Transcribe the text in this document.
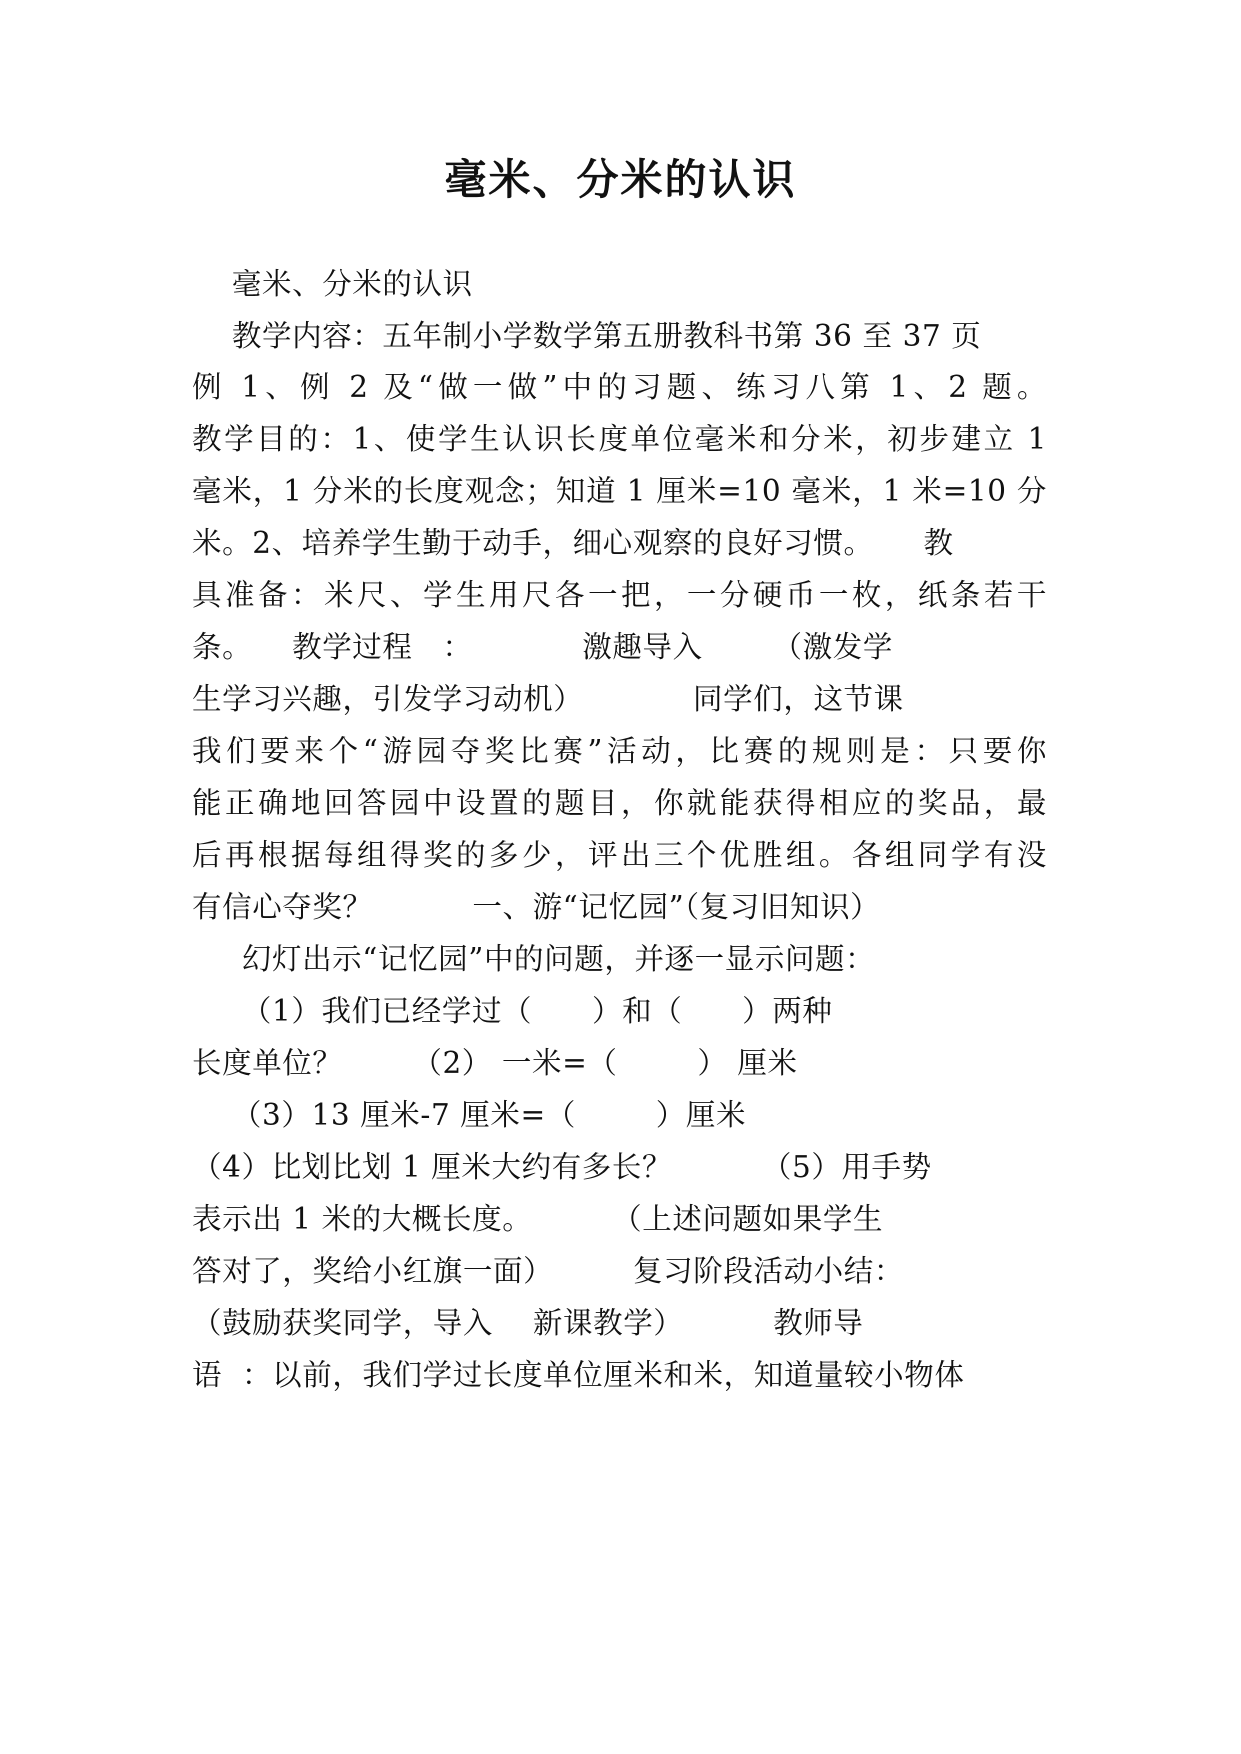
毫米、分米的认识
毫米、分米的认识
教学内容：五年制小学数学第五册教科书第 36 至 37 页
例 1、例 2 及“做一做”中的习题、练习八第 1、2 题。
教学目的：1、使学生认识长度单位毫米和分米，初步建立 1
毫米，1 分米的长度观念；知道 1 厘米=10 毫米，1 米=10 分
米。2、培养学生勤于动手，细心观察的良好习惯。     教
具准备：米尺、学生用尺各一把，一分硬币一枚，纸条若干
条。    教学过程   ：           激趣导入       （激发学
生学习兴趣，引发学习动机）           同学们，这节课
我们要来个“游园夺奖比赛”活动，比赛的规则是：只要你
能正确地回答园中设置的题目，你就能获得相应的奖品，最
后再根据每组得奖的多少，评出三个优胜组。各组同学有没
有信心夺奖？          一、游“记忆园”（复习旧知识）
幻灯出示“记忆园”中的问题，并逐一显示问题：
（1）我们已经学过（      ）和（      ）两种
长度单位？       （2） 一米=（        ） 厘米
（3）13 厘米-7 厘米=（        ）厘米
（4）比划比划 1 厘米大约有多长？         （5）用手势
表示出 1 米的大概长度。        （上述问题如果学生
答对了，奖给小红旗一面）        复习阶段活动小结：
（鼓励获奖同学，导入    新课教学）         教师导
语  ：以前，我们学过长度单位厘米和米，知道量较小物体
